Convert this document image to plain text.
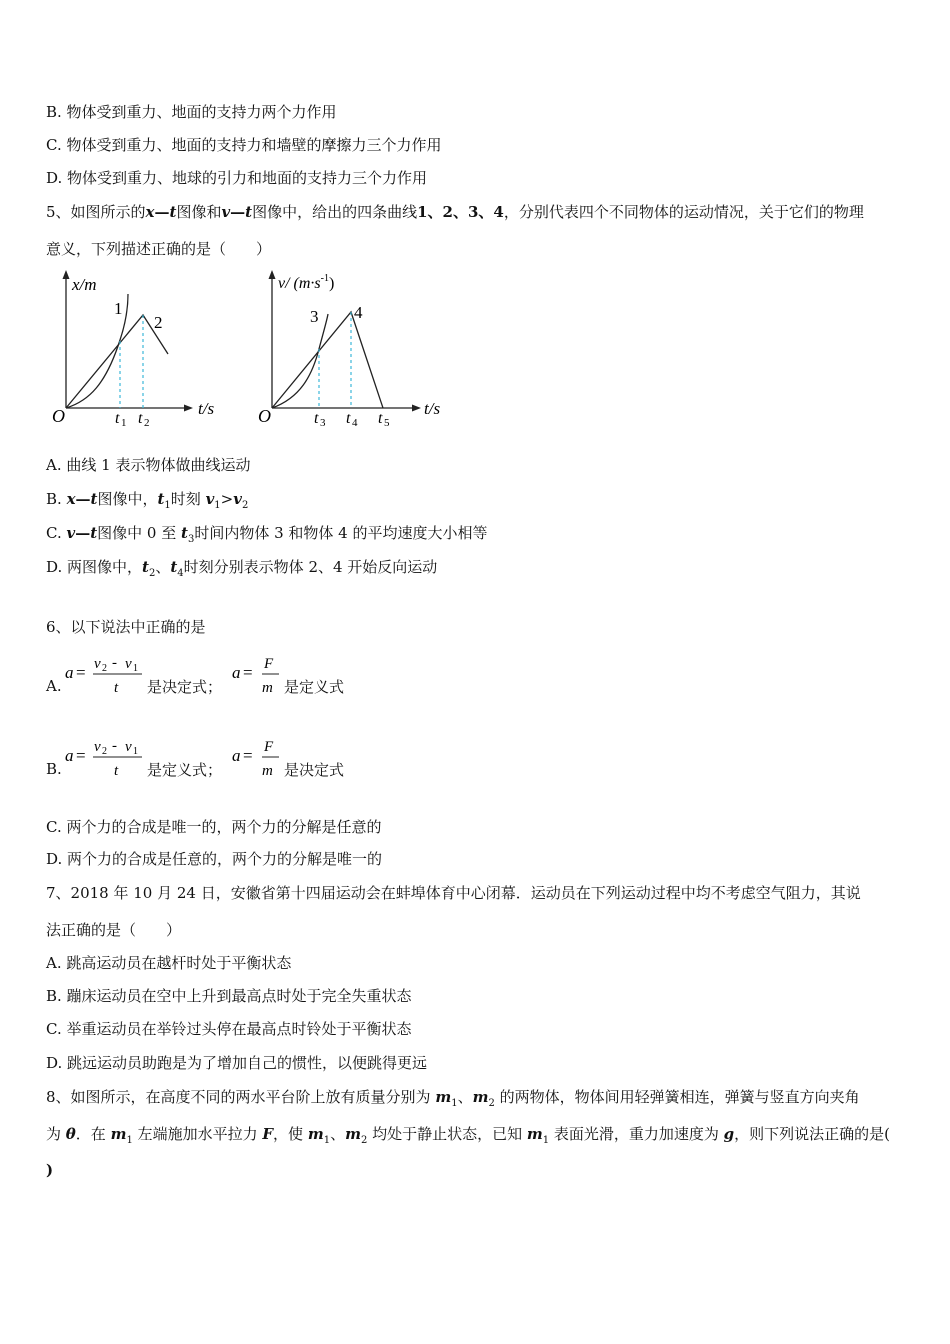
B. 物体受到重力、地面的支持力两个力作用
C. 物体受到重力、地面的支持力和墙壁的摩擦力三个力作用
D. 物体受到重力、地球的引力和地面的支持力三个力作用
5、如图所示的x—t图像和v—t图像中，给出的四条曲线1、2、3、4，分别代表四个不同物体的运动情况，关于它们的物理
意义，下列描述正确的是（　　）
x/m
t/s
O
1
2
t 1 t 2
v/ $(m\cdot s^{-1})$
t/s
O
3 4
t 3 t 4 t 5
A. 曲线 1 表示物体做曲线运动
B. x—t图像中，$t_1$时刻 $v_1>v_2$
C. v—t图像中 0 至 $t_3$时间内物体 3 和物体 4 的平均速度大小相等
D. 两图像中，$t_2$、$t_4$时刻分别表示物体 2、4 开始反向运动
6、以下说法中正确的是
A.
a = v 2 - v 1
t 是决定式；
a = F
m 是定义式
B.
a = v 2 - v 1
t 是定义式；
a = F
m 是决定式
C. 两个力的合成是唯一的，两个力的分解是任意的
D. 两个力的合成是任意的，两个力的分解是唯一的
7、2018 年 10 月 24 日，安徽省第十四届运动会在蚌埠体育中心闭幕．运动员在下列运动过程中均不考虑空气阻力，其说
法正确的是（　　）
A. 跳高运动员在越杆时处于平衡状态
B. 蹦床运动员在空中上升到最高点时处于完全失重状态
C. 举重运动员在举铃过头停在最高点时铃处于平衡状态
D. 跳远运动员助跑是为了增加自己的惯性，以便跳得更远
8、如图所示，在高度不同的两水平台阶上放有质量分别为 $m_1$、$m_2$ 的两物体，物体间用轻弹簧相连，弹簧与竖直方向夹角
为 θ．在 $m_1$ 左端施加水平拉力 F，使 $m_1$、$m_2$ 均处于静止状态，已知 $m_1$ 表面光滑，重力加速度为 g，则下列说法正确的是(
)
